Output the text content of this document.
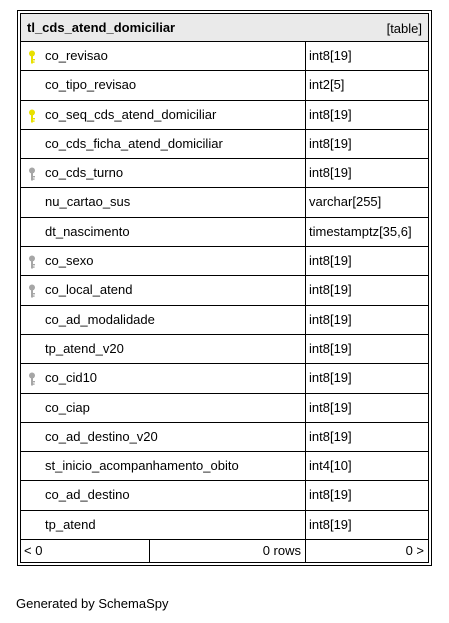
tl_cds_atend_domiciliar	[table]
co_revisao	int8[19]
co_tipo_revisao	int2[5]
co_seq_cds_atend_domiciliar	int8[19]
co_cds_ficha_atend_domiciliar	int8[19]
co_cds_turno	int8[19]
nu_cartao_sus	varchar[255]
dt_nascimento	timestamptz[35,6]
co_sexo	int8[19]
co_local_atend	int8[19]
co_ad_modalidade	int8[19]
tp_atend_v20	int8[19]
co_cid10	int8[19]
co_ciap	int8[19]
co_ad_destino_v20	int8[19]
st_inicio_acompanhamento_obito	int4[10]
co_ad_destino	int8[19]
tp_atend	int8[19]
< 0	0 rows	0 >
Generated by SchemaSpy
